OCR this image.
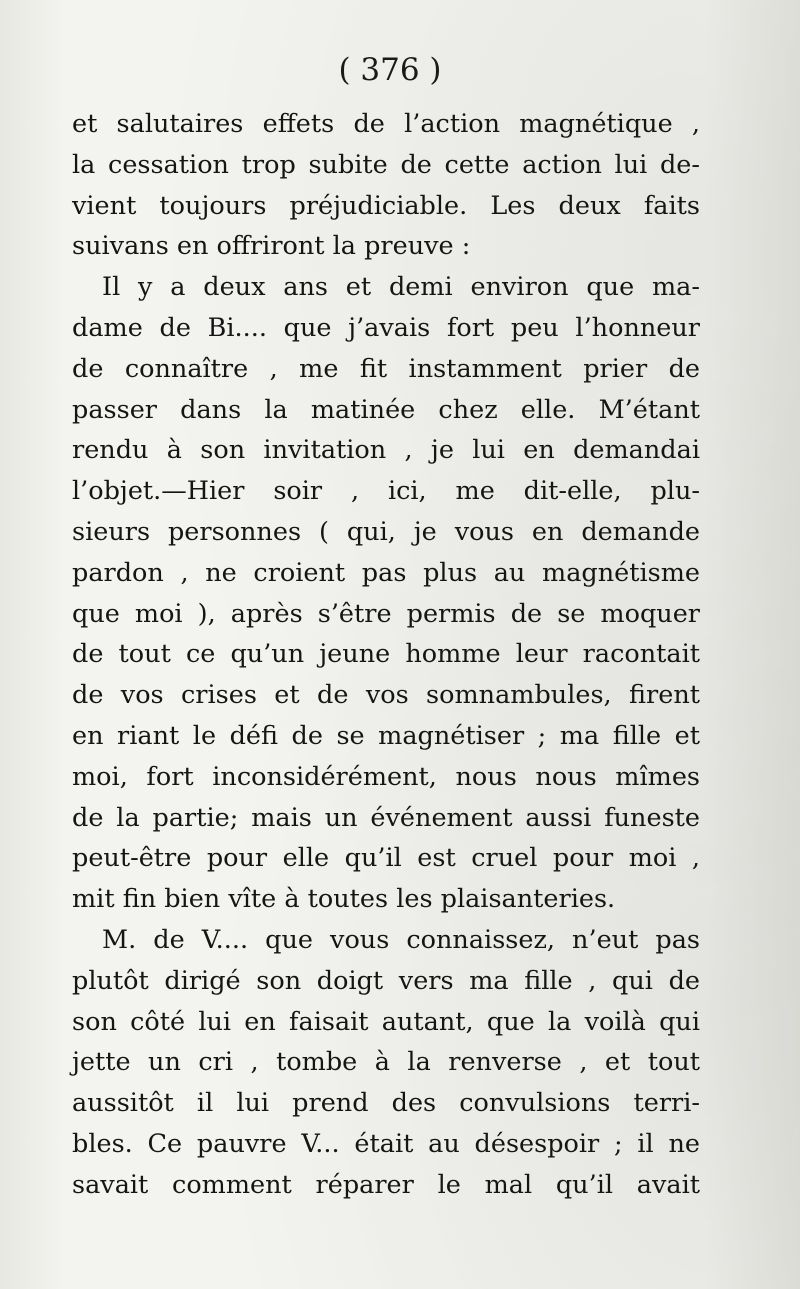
( 376 )
et salutaires effets de l’action magnétique ,
la cessation trop subite de cette action lui de-
vient toujours préjudiciable. Les deux faits
suivans en offriront la preuve :
Il y a deux ans et demi environ que ma-
dame de Bi.... que j’avais fort peu l’honneur
de connaître , me fit instamment prier de
passer dans la matinée chez elle. M’étant
rendu à son invitation , je lui en demandai
l’objet.—Hier soir , ici, me dit-elle, plu-
sieurs personnes ( qui, je vous en demande
pardon , ne croient pas plus au magnétisme
que moi ), après s’être permis de se moquer
de tout ce qu’un jeune homme leur racontait
de vos crises et de vos somnambules, firent
en riant le défi de se magnétiser ; ma fille et
moi, fort inconsidérément, nous nous mîmes
de la partie; mais un événement aussi funeste
peut-être pour elle qu’il est cruel pour moi ,
mit fin bien vîte à toutes les plaisanteries.
M. de V.... que vous connaissez, n’eut pas
plutôt dirigé son doigt vers ma fille , qui de
son côté lui en faisait autant, que la voilà qui
jette un cri , tombe à la renverse , et tout
aussitôt il lui prend des convulsions terri-
bles. Ce pauvre V... était au désespoir ; il ne
savait comment réparer le mal qu’il avait
